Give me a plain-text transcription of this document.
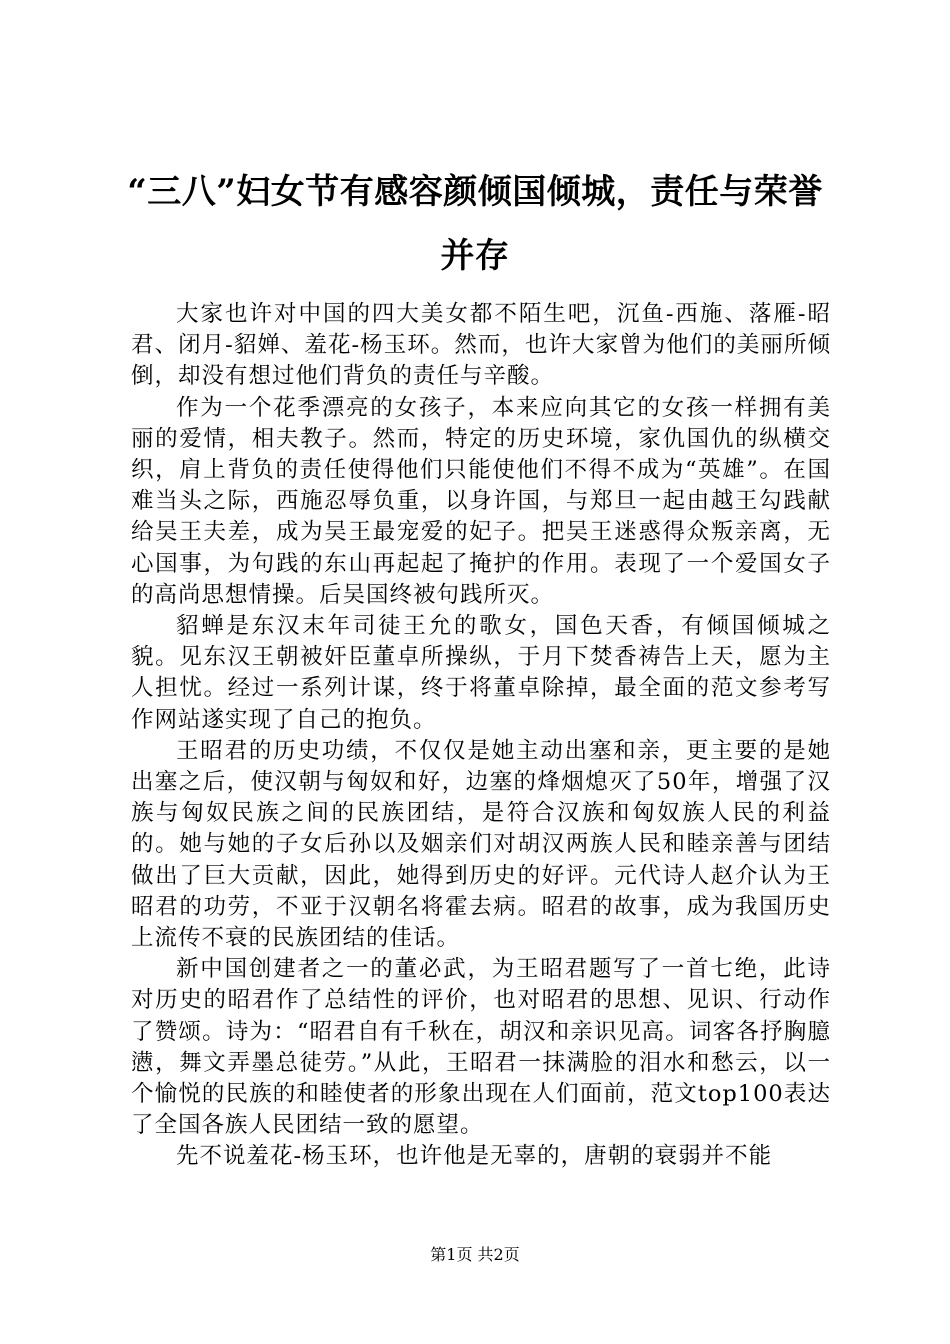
“三八”妇女节有感容颜倾国倾城，责任与荣誉并存

大家也许对中国的四大美女都不陌生吧，沉鱼-西施、落雁-昭君、闭月-貂婵、羞花-杨玉环。然而，也许大家曾为他们的美丽所倾倒，却没有想过他们背负的责任与辛酸。

作为一个花季漂亮的女孩子，本来应向其它的女孩一样拥有美丽的爱情，相夫教子。然而，特定的历史环境，家仇国仇的纵横交织，肩上背负的责任使得他们只能使他们不得不成为“英雄”。在国难当头之际，西施忍辱负重，以身许国，与郑旦一起由越王勾践献给吴王夫差，成为吴王最宠爱的妃子。把吴王迷惑得众叛亲离，无心国事，为句践的东山再起起了掩护的作用。表现了一个爱国女子的高尚思想情操。后吴国终被句践所灭。

貂蝉是东汉末年司徒王允的歌女，国色天香，有倾国倾城之貌。见东汉王朝被奸臣董卓所操纵，于月下焚香祷告上天，愿为主人担忧。经过一系列计谋，终于将董卓除掉，最全面的范文参考写作网站遂实现了自己的抱负。

王昭君的历史功绩，不仅仅是她主动出塞和亲，更主要的是她出塞之后，使汉朝与匈奴和好，边塞的烽烟熄灭了50年，增强了汉族与匈奴民族之间的民族团结，是符合汉族和匈奴族人民的利益的。她与她的子女后孙以及姻亲们对胡汉两族人民和睦亲善与团结做出了巨大贡献，因此，她得到历史的好评。元代诗人赵介认为王昭君的功劳，不亚于汉朝名将霍去病。昭君的故事，成为我国历史上流传不衰的民族团结的佳话。

新中国创建者之一的董必武，为王昭君题写了一首七绝，此诗对历史的昭君作了总结性的评价，也对昭君的思想、见识、行动作了赞颂。诗为：“昭君自有千秋在，胡汉和亲识见高。词客各抒胸臆懑，舞文弄墨总徒劳。”从此，王昭君一抹满脸的泪水和愁云，以一个愉悦的民族的和睦使者的形象出现在人们面前，范文top100表达了全国各族人民团结一致的愿望。

先不说羞花-杨玉环，也许他是无辜的，唐朝的衰弱并不能

第1页 共2页
